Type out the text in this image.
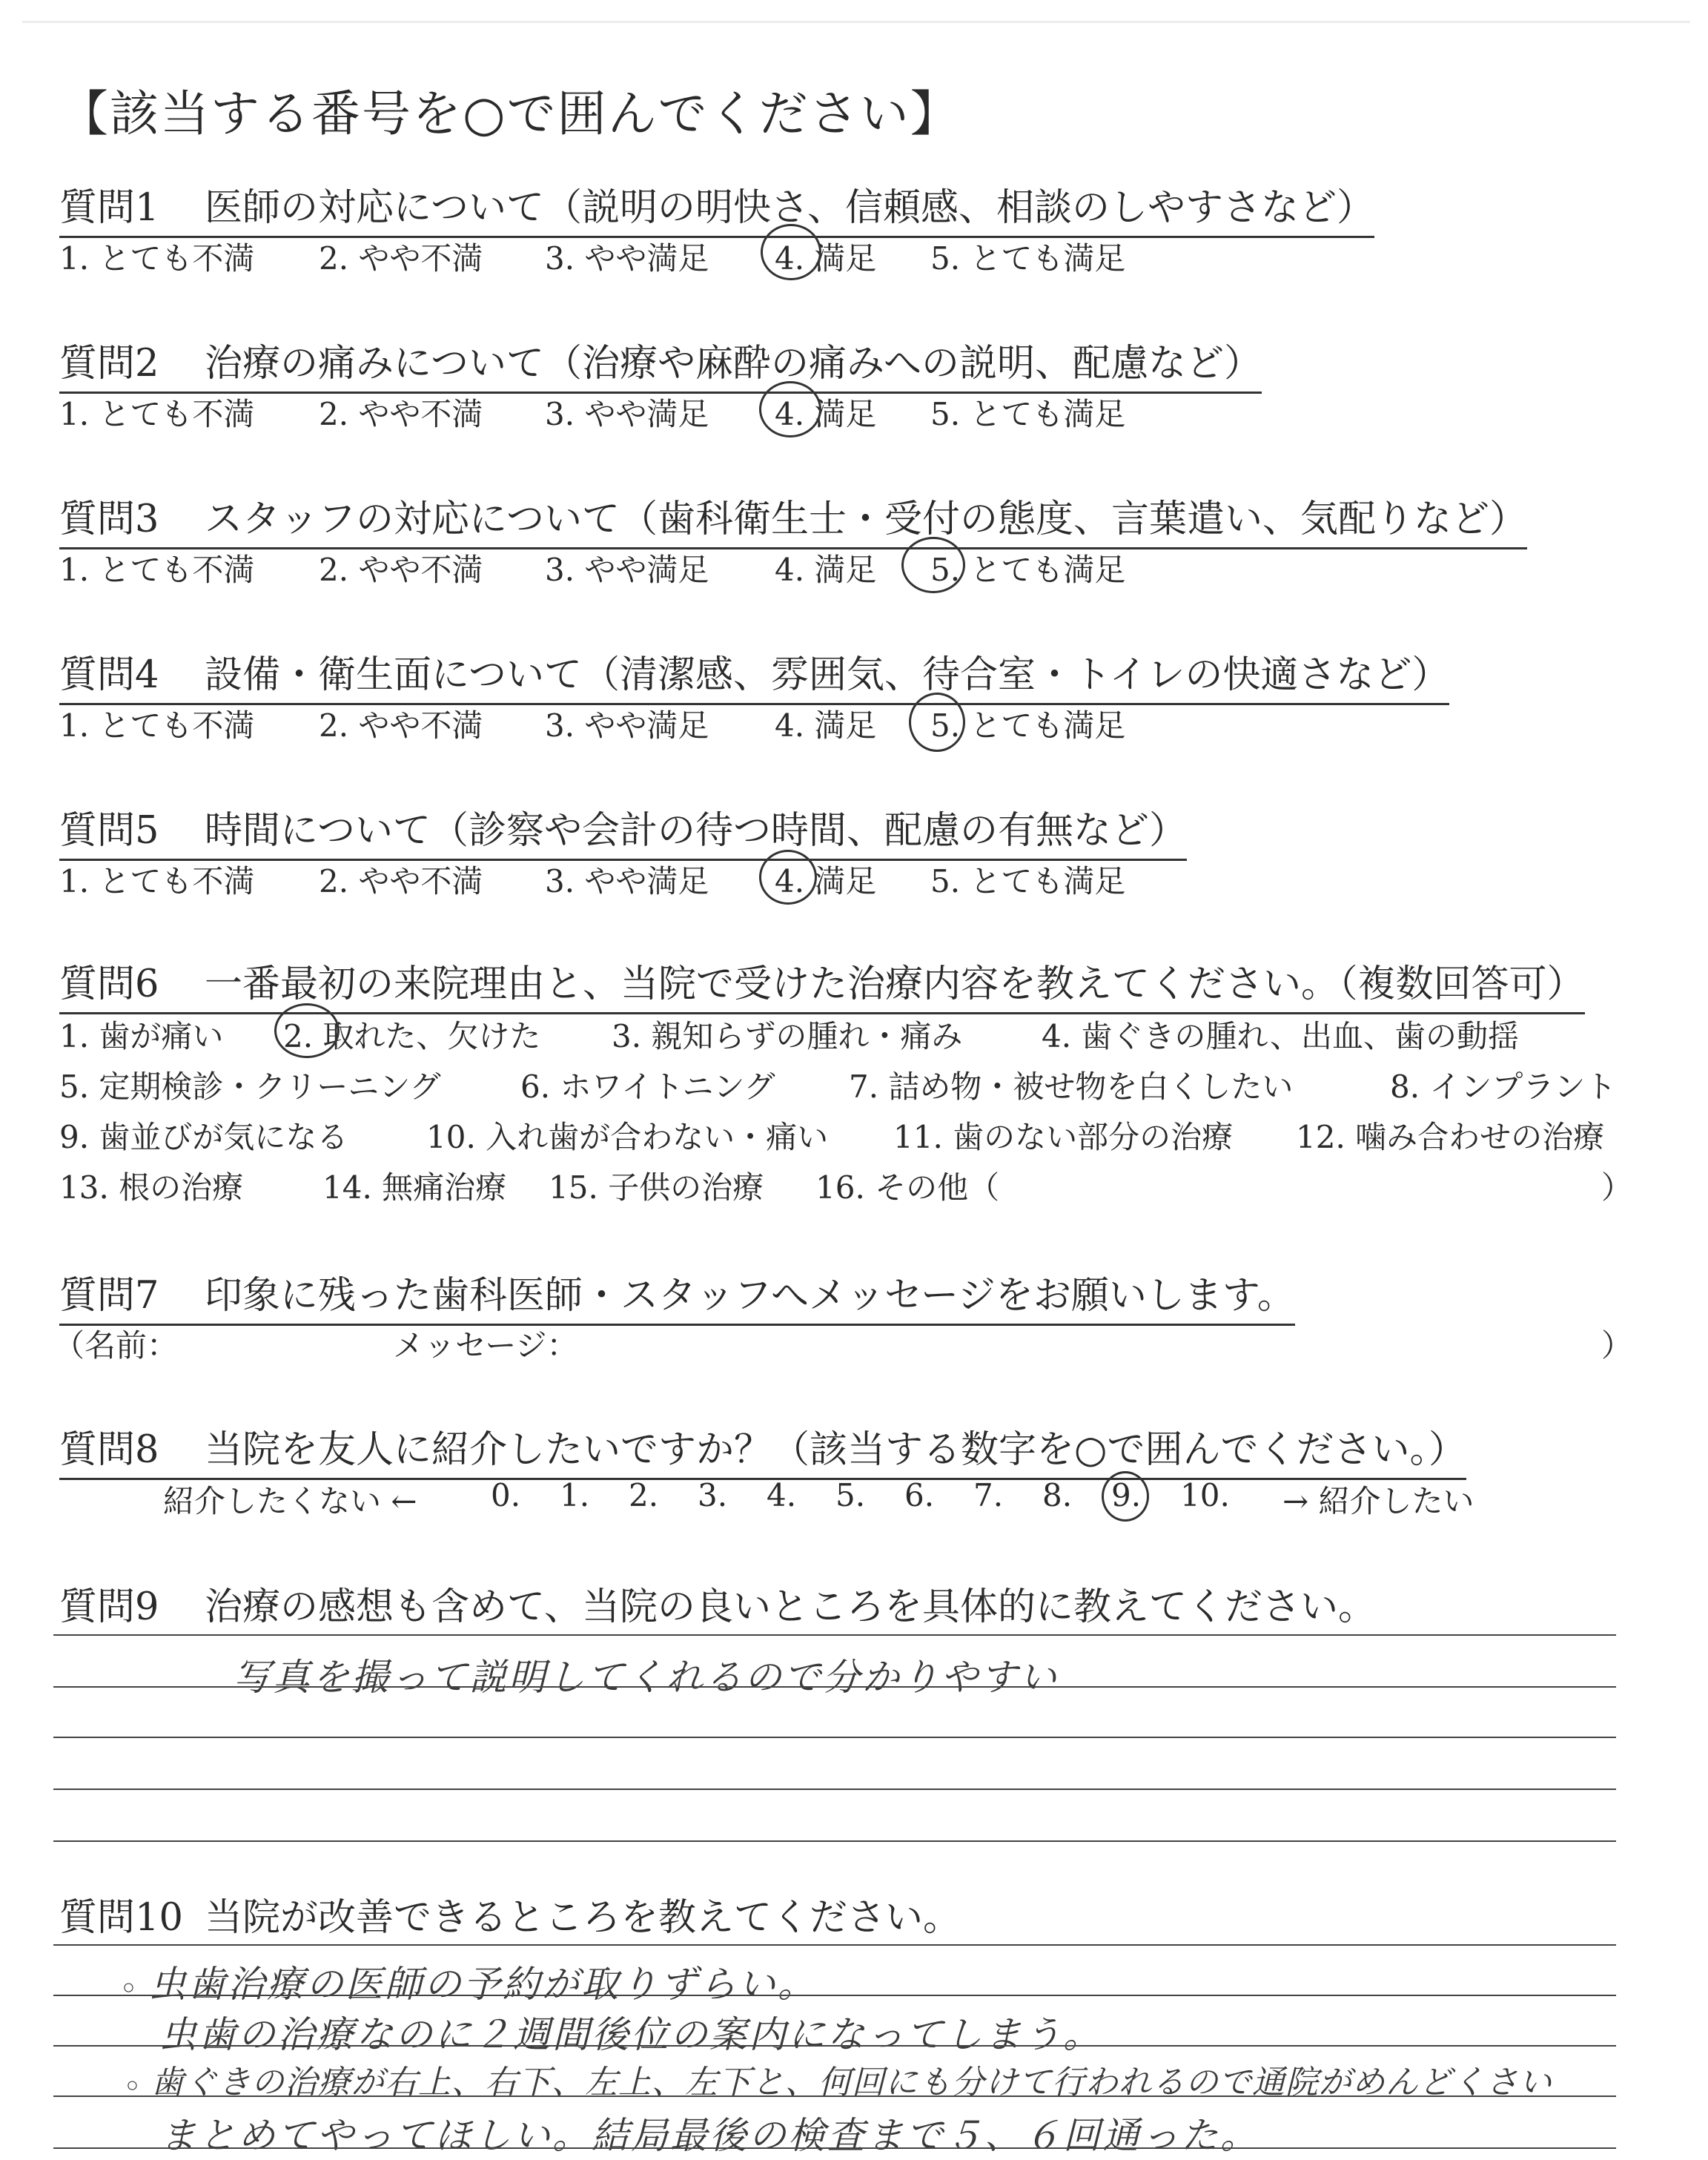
【該当する番号を○で囲んでください】
質問1 医師の対応について（説明の明快さ、信頼感、相談のしやすさなど）
1. とても不満 2. やや不満 3. やや満足 4. 満足 5. とても満足
質問2 治療の痛みについて（治療や麻酔の痛みへの説明、配慮など）
1. とても不満 2. やや不満 3. やや満足 4. 満足 5. とても満足
質問3 スタッフの対応について（歯科衛生士・受付の態度、言葉遣い、気配りなど）
1. とても不満 2. やや不満 3. やや満足 4. 満足 5. とても満足
質問4 設備・衛生面について（清潔感、雰囲気、待合室・トイレの快適さなど）
1. とても不満 2. やや不満 3. やや満足 4. 満足 5. とても満足
質問5 時間について（診察や会計の待つ時間、配慮の有無など）
1. とても不満 2. やや不満 3. やや満足 4. 満足 5. とても満足
質問6 一番最初の来院理由と、当院で受けた治療内容を教えてください。（複数回答可）
1. 歯が痛い 2. 取れた、欠けた 3. 親知らずの腫れ・痛み	4. 歯ぐきの腫れ、出血、歯の動揺
5. 定期検診・クリーニング	6. ホワイトニング 7. 詰め物・被せ物を白くしたい	8. インプラント
9. 歯並びが気になる	10. 入れ歯が合わない・痛い 11. 歯のない部分の治療 12. 噛み合わせの治療
13. 根の治療	14. 無痛治療 15. 子供の治療 16. その他（	）
質問7 印象に残った歯科医師・スタッフへメッセージをお願いします。
（名前：	メッセージ：	）
質問8 当院を友人に紹介したいですか？（該当する数字を○で囲んでください。）
紹介したくない ← 0. 1. 2. 3. 4. 5. 6. 7. 8. 9. 10. → 紹介したい
質問9 治療の感想も含めて、当院の良いところを具体的に教えてください。
写真を撮って説明してくれるので分かりやすい
質問10 当院が改善できるところを教えてください。
○ 虫歯治療の医師の予約が取りずらい。
虫歯の治療なのに２週間後位の案内になってしまう。
○ 歯ぐきの治療が右上、右下、左上、左下と、何回にも分けて行われるので通院がめんどくさい
まとめてやってほしい。結局最後の検査まで５、６回通った。
